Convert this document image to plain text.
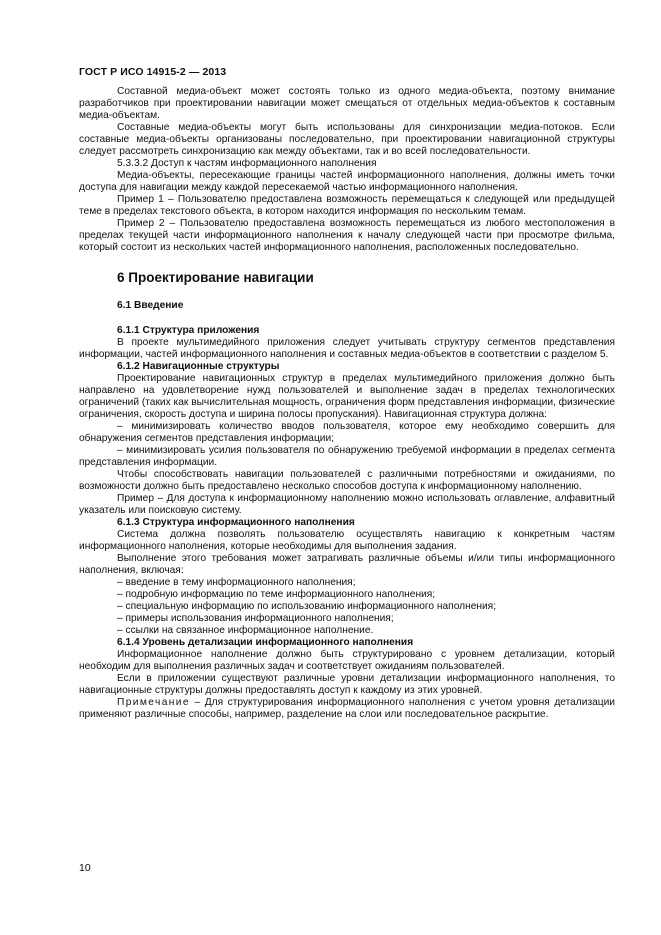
ГОСТ Р ИСО 14915-2 — 2013

Составной медиа-объект может состоять только из одного медиа-объекта, поэтому внимание разработчиков при проектировании навигации может смещаться от отдельных медиа-объектов к составным медиа-объектам.

Составные медиа-объекты могут быть использованы для синхронизации медиа-потоков. Если составные медиа-объекты организованы последовательно, при проектировании навигационной структуры следует рассмотреть синхронизацию как между объектами, так и во всей последовательности.

5.3.3.2 Доступ к частям информационного наполнения

Медиа-объекты, пересекающие границы частей информационного наполнения, должны иметь точки доступа для навигации между каждой пересекаемой частью информационного наполнения.

Пример 1 – Пользователю предоставлена возможность перемещаться к следующей или предыдущей теме в пределах текстового объекта, в котором находится информация по нескольким темам.

Пример 2 – Пользователю предоставлена возможность перемещаться из любого местоположения в пределах текущей части информационного наполнения к началу следующей части при просмотре фильма, который состоит из нескольких частей информационного наполнения, расположенных последовательно.

6 Проектирование навигации
6.1 Введение

6.1.1 Структура приложения

В проекте мультимедийного приложения следует учитывать структуру сегментов представления информации, частей информационного наполнения и составных медиа-объектов в соответствии с разделом 5.

6.1.2 Навигационные структуры

Проектирование навигационных структур в пределах мультимедийного приложения должно быть направлено на удовлетворение нужд пользователей и выполнение задач в пределах технологических ограничений (таких как вычислительная мощность, ограничения форм представления информации, физические ограничения, скорость доступа и ширина полосы пропускания). Навигационная структура должна:

– минимизировать количество вводов пользователя, которое ему необходимо совершить для обнаружения сегментов представления информации;

– минимизировать усилия пользователя по обнаружению требуемой информации в пределах сегмента представления информации.

Чтобы способствовать навигации пользователей с различными потребностями и ожиданиями, по возможности должно быть предоставлено несколько способов доступа к информационному наполнению.

Пример – Для доступа к информационному наполнению можно использовать оглавление, алфавитный указатель или поисковую систему.

6.1.3 Структура информационного наполнения

Система должна позволять пользователю осуществлять навигацию к конкретным частям информационного наполнения, которые необходимы для выполнения задания.

Выполнение этого требования может затрагивать различные объемы и/или типы информационного наполнения, включая:

– введение в тему информационного наполнения;

– подробную информацию по теме информационного наполнения;

– специальную информацию по использованию информационного наполнения;

– примеры использования информационного наполнения;

– ссылки на связанное информационное наполнение.

6.1.4 Уровень детализации информационного наполнения

Информационное наполнение должно быть структурировано с уровнем детализации, который необходим для выполнения различных задач и соответствует ожиданиям пользователей.

Если в приложении существуют различные уровни детализации информационного наполнения, то навигационные структуры должны предоставлять доступ к каждому из этих уровней.

Примечание – Для структурирования информационного наполнения с учетом уровня детализации применяют различные способы, например, разделение на слои или последовательное раскрытие.

10
